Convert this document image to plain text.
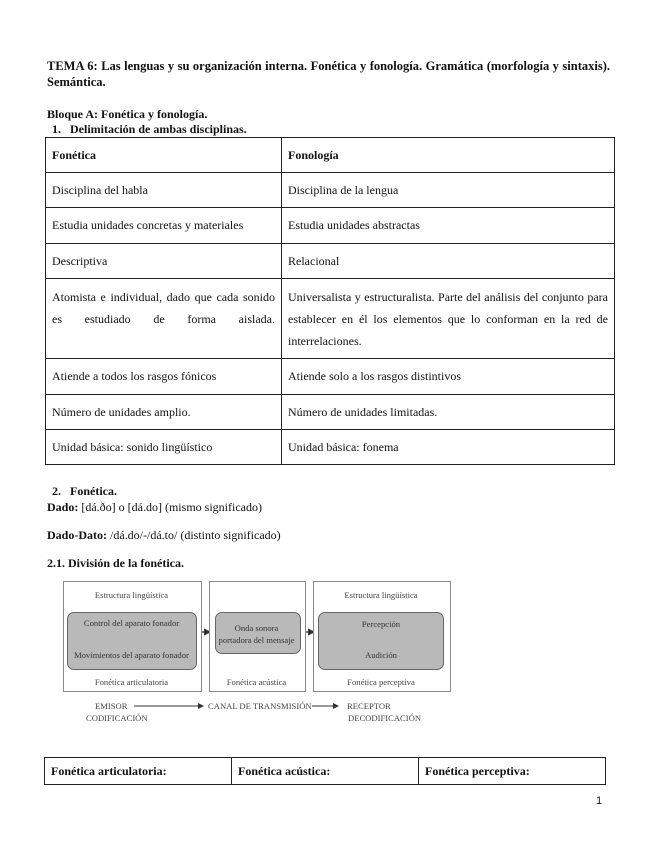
TEMA 6: Las lenguas y su organización interna. Fonética y fonología. Gramática (morfología y sintaxis). Semántica.
Bloque A: Fonética y fonología.
1. Delimitación de ambas disciplinas.
Fonética	Fonología
Disciplina del habla	Disciplina de la lengua
Estudia unidades concretas y materiales	Estudia unidades abstractas
Descriptiva	Relacional
Atomista e individual, dado que cada sonido es estudiado de forma aislada.	Universalista y estructuralista. Parte del análisis del conjunto para establecer en él los elementos que lo conforman en la red de interrelaciones.
Atiende a todos los rasgos fónicos	Atiende solo a los rasgos distintivos
Número de unidades amplio.	Número de unidades limitadas.
Unidad básica: sonido lingüístico	Unidad básica: fonema
2. Fonética.
Dado: [dá.ðo] o [dá.do] (mismo significado)
Dado-Dato: /dá.do/-/dá.to/ (distinto significado)
2.1. División de la fonética.
Estructura lingüística
Control del aparato fonador
Movimientos del aparato fonador
Fonética articulatoria
Onda sonora
portadora del mensaje
Fonética acústica
Estructura lingüística
Percepción
Audición
Fonética perceptiva
EMISOR
CODIFICACIÓN
CANAL DE TRANSMISIÓN	RECEPTOR
DECODIFICACIÓN
Fonética articulatoria:	Fonética acústica:	Fonética perceptiva:
1
